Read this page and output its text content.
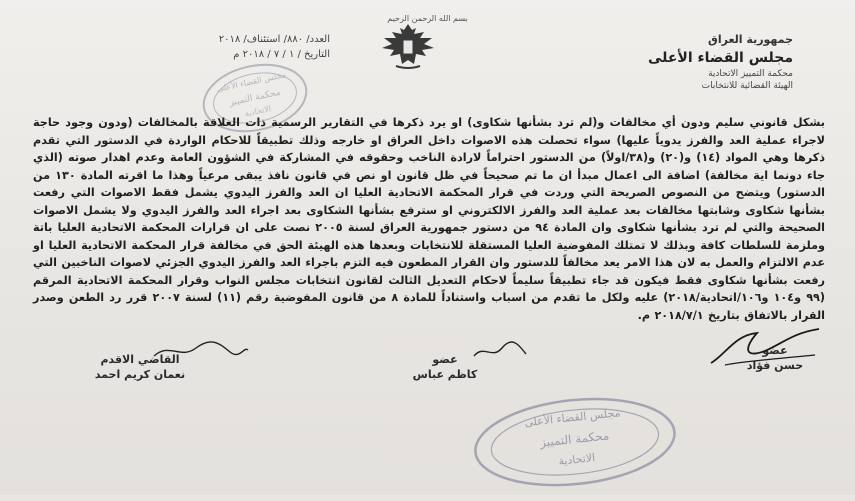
بسم الله الرحمن الرحيم
جمهورية العراق
مجلس القضاء الأعلى
محكمة التمييز الاتحادية
الهيئة القضائية للانتخابات
العدد/ ٨٨٠/ استئناف/ ٢٠١٨
التاريخ / ١ / ٧ / ٢٠١٨ م
مجلس القضاء الأعلى
محكمة التمييز
الاتحادية
بشكل قانوني سليم ودون أي مخالفات و(لم ترد بشأنها شكاوى) او يرد ذكرها في التقارير الرسمية ذات العلاقة بالمخالفات (ودون وجود حاجة لاجراء عملية العد والفرز يدوياً عليها) سواء تحصلت هذه الاصوات داخل العراق او خارجه وذلك تطبيقاً للاحكام الواردة في الدستور التي تقدم ذكرها وهي المواد (١٤) و(٢٠) و(٣٨/اولاً) من الدستور احتراماً لارادة الناخب وحقوقه في المشاركة في الشؤون العامة وعدم اهدار صوته (الذي جاء دونما اية مخالفة) اضافة الى اعمال مبدأ ان ما تم صحيحاً في ظل قانون او نص في قانون نافذ يبقى مرعياً وهذا ما اقرته المادة ١٣٠ من الدستور) ويتضح من النصوص الصريحة التي وردت في قرار المحكمة الاتحادية العليا ان العد والفرز اليدوي يشمل فقط الاصوات التي رفعت بشأنها شكاوى وشابتها مخالفات بعد عملية العد والفرز الالكتروني او سترفع بشأنها الشكاوى بعد اجراء العد والفرز اليدوي ولا يشمل الاصوات الصحيحة والتي لم ترد بشأنها شكاوى وان المادة ٩٤ من دستور جمهورية العراق لسنة ٢٠٠٥ نصت على ان قرارات المحكمة الاتحادية العليا باتة وملزمة للسلطات كافة وبذلك لا تمتلك المفوضية العليا المستقلة للانتخابات وبعدها هذه الهيئة الحق في مخالفة قرار المحكمة الاتحادية العليا او عدم الالتزام والعمل به لان هذا الامر يعد مخالفاً للدستور وان القرار المطعون فيه التزم باجراء العد والفرز اليدوي الجزئي لاصوات الناخبين التي رفعت بشأنها شكاوى فقط فيكون قد جاء تطبيقاً سليماً لاحكام التعديل الثالث لقانون انتخابات مجلس النواب وقرار المحكمة الاتحادية المرقم (٩٩ و١٠٤ و١٠٦/اتحادية/٢٠١٨) عليه ولكل ما تقدم من اسباب واستناداً للمادة ٨ من قانون المفوضية رقم (١١) لسنة ٢٠٠٧ قرر رد الطعن وصدر القرار بالاتفاق بتاريخ ٢٠١٨/٧/١ م.
القاضي الاقدم
نعمان كريم احمد
عضو
كاظم عباس
عضو
حسن فؤاد
مجلس القضاء الأعلى
محكمة التمييز
الاتحادية
